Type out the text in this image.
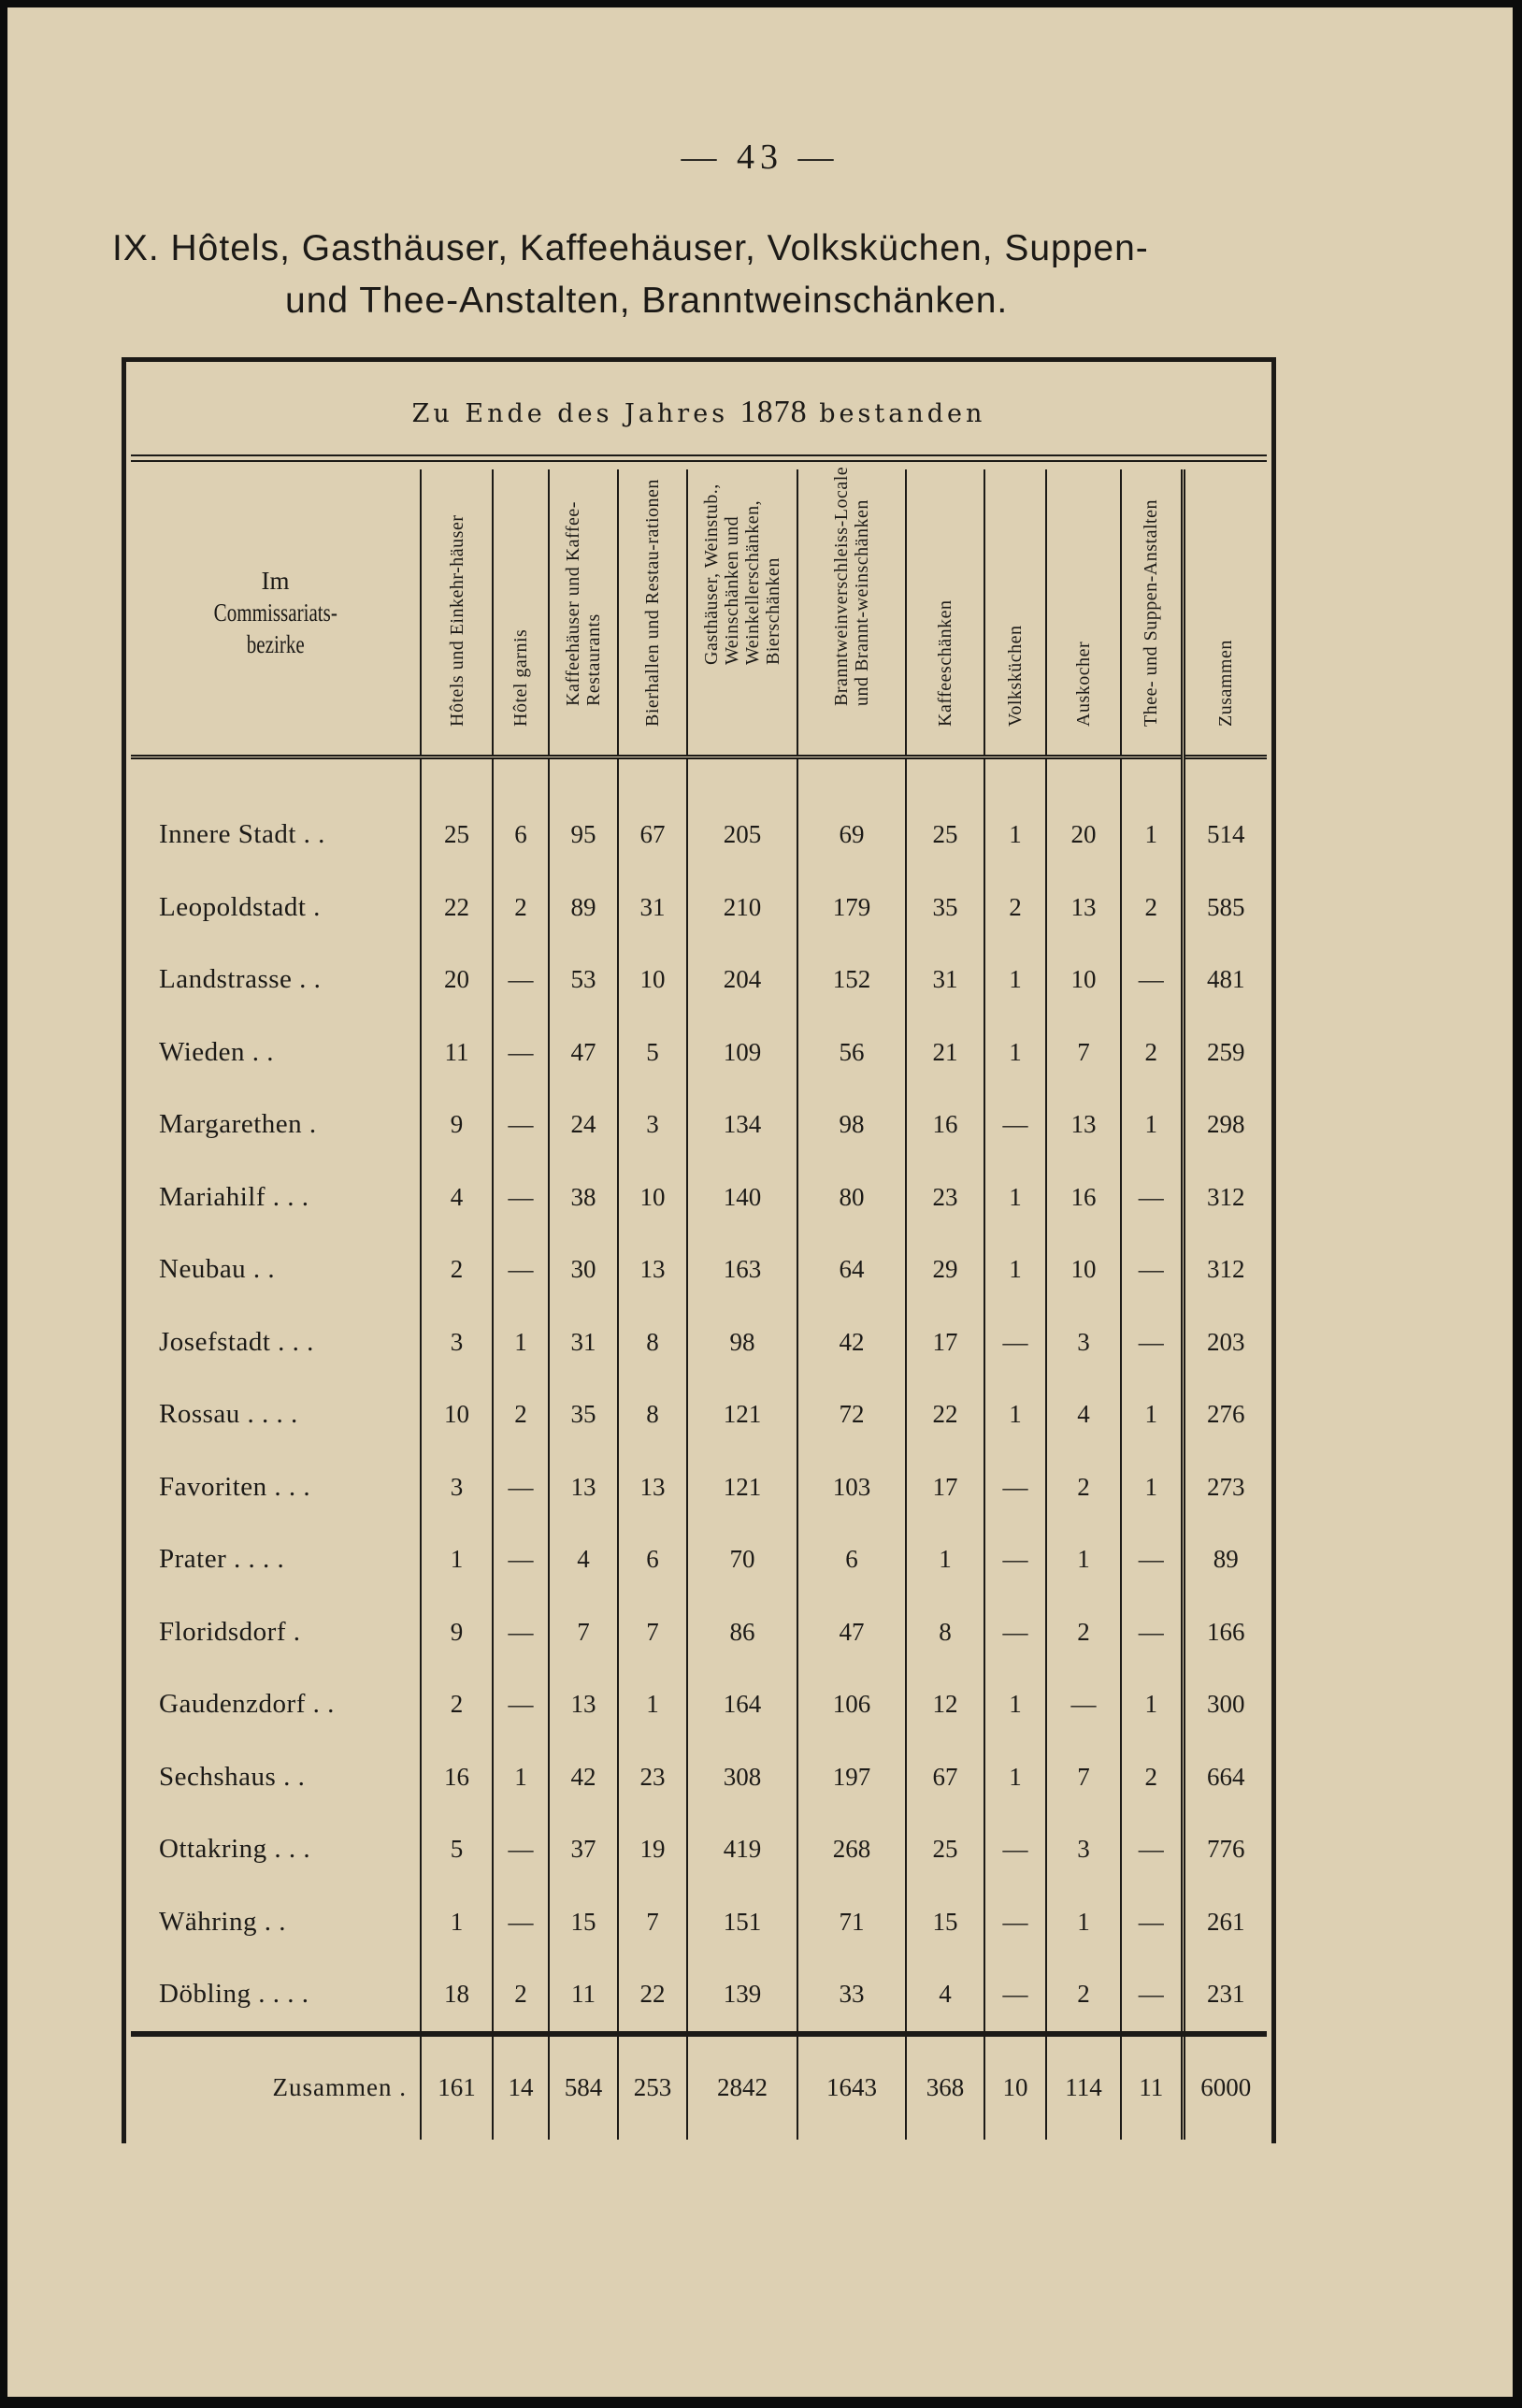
— 43 —
IX. Hôtels, Gasthäuser, Kaffeehäuser, Volksküchen, Suppen-
und Thee-Anstalten, Branntweinschänken.
Zu Ende des Jahres 1878 bestanden
Im
Commissariats-
bezirke	Hôtels und Einkehr-häuser	Hôtel garnis	Kaffeehäuser und Kaffee-Restaurants	Bierhallen und Restau-rationen	Gasthäuser, Weinstub., Weinschänken und Weinkellerschänken, Bierschänken	Branntweinverschleiss-Locale und Brannt-weinschänken	Kaffeeschänken	Volksküchen	Auskocher	Thee- und Suppen-Anstalten	Zusammen

Innere Stadt . .	25	6	95	67	205	69	25	1	20	1	514
Leopoldstadt .	22	2	89	31	210	179	35	2	13	2	585
Landstrasse . .	20	—	53	10	204	152	31	1	10	—	481
Wieden . .	11	—	47	5	109	56	21	1	7	2	259
Margarethen .	9	—	24	3	134	98	16	—	13	1	298
Mariahilf . . .	4	—	38	10	140	80	23	1	16	—	312
Neubau . .	2	—	30	13	163	64	29	1	10	—	312
Josefstadt . . .	3	1	31	8	98	42	17	—	3	—	203
Rossau . . . .	10	2	35	8	121	72	22	1	4	1	276
Favoriten . . .	3	—	13	13	121	103	17	—	2	1	273
Prater . . . .	1	—	4	6	70	6	1	—	1	—	89
Floridsdorf .	9	—	7	7	86	47	8	—	2	—	166
Gaudenzdorf . .	2	—	13	1	164	106	12	1	—	1	300
Sechshaus . .	16	1	42	23	308	197	67	1	7	2	664
Ottakring . . .	5	—	37	19	419	268	25	—	3	—	776
Währing . .	1	—	15	7	151	71	15	—	1	—	261
Döbling . . . .	18	2	11	22	139	33	4	—	2	—	231
Zusammen .	161	14	584	253	2842	1643	368	10	114	11	6000
